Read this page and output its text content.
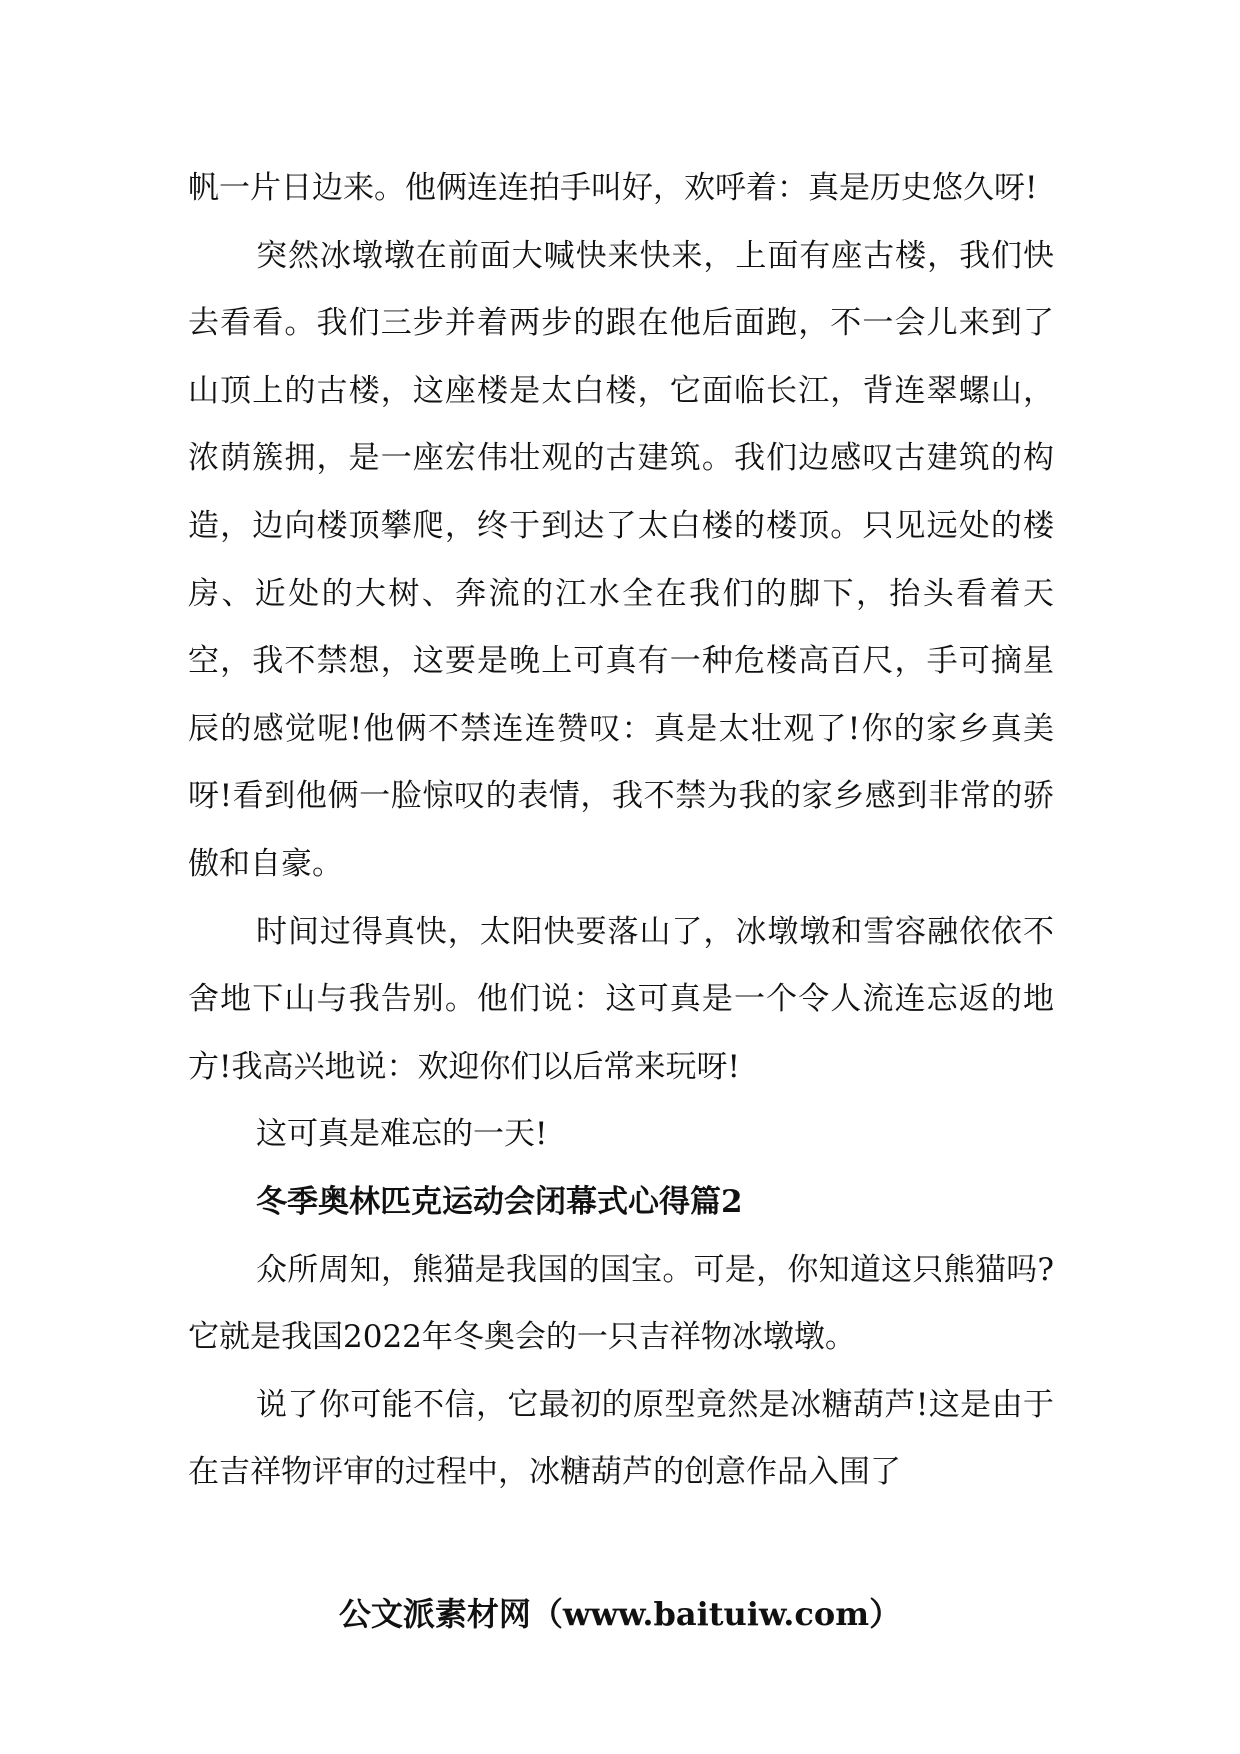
帆一片日边来。他俩连连拍手叫好，欢呼着：真是历史悠久呀!

突然冰墩墩在前面大喊快来快来，上面有座古楼，我们快去看看。我们三步并着两步的跟在他后面跑，不一会儿来到了山顶上的古楼，这座楼是太白楼，它面临长江，背连翠螺山，浓荫簇拥，是一座宏伟壮观的古建筑。我们边感叹古建筑的构造，边向楼顶攀爬，终于到达了太白楼的楼顶。只见远处的楼房、近处的大树、奔流的江水全在我们的脚下，抬头看着天空，我不禁想，这要是晚上可真有一种危楼高百尺，手可摘星辰的感觉呢!他俩不禁连连赞叹：真是太壮观了!你的家乡真美呀!看到他俩一脸惊叹的表情，我不禁为我的家乡感到非常的骄傲和自豪。

时间过得真快，太阳快要落山了，冰墩墩和雪容融依依不舍地下山与我告别。他们说：这可真是一个令人流连忘返的地方!我高兴地说：欢迎你们以后常来玩呀!

这可真是难忘的一天!

冬季奥林匹克运动会闭幕式心得篇2

众所周知，熊猫是我国的国宝。可是，你知道这只熊猫吗?它就是我国2022年冬奥会的一只吉祥物冰墩墩。

说了你可能不信，它最初的原型竟然是冰糖葫芦!这是由于在吉祥物评审的过程中，冰糖葫芦的创意作品入围了

公文派素材网（www.baituiw.com）
